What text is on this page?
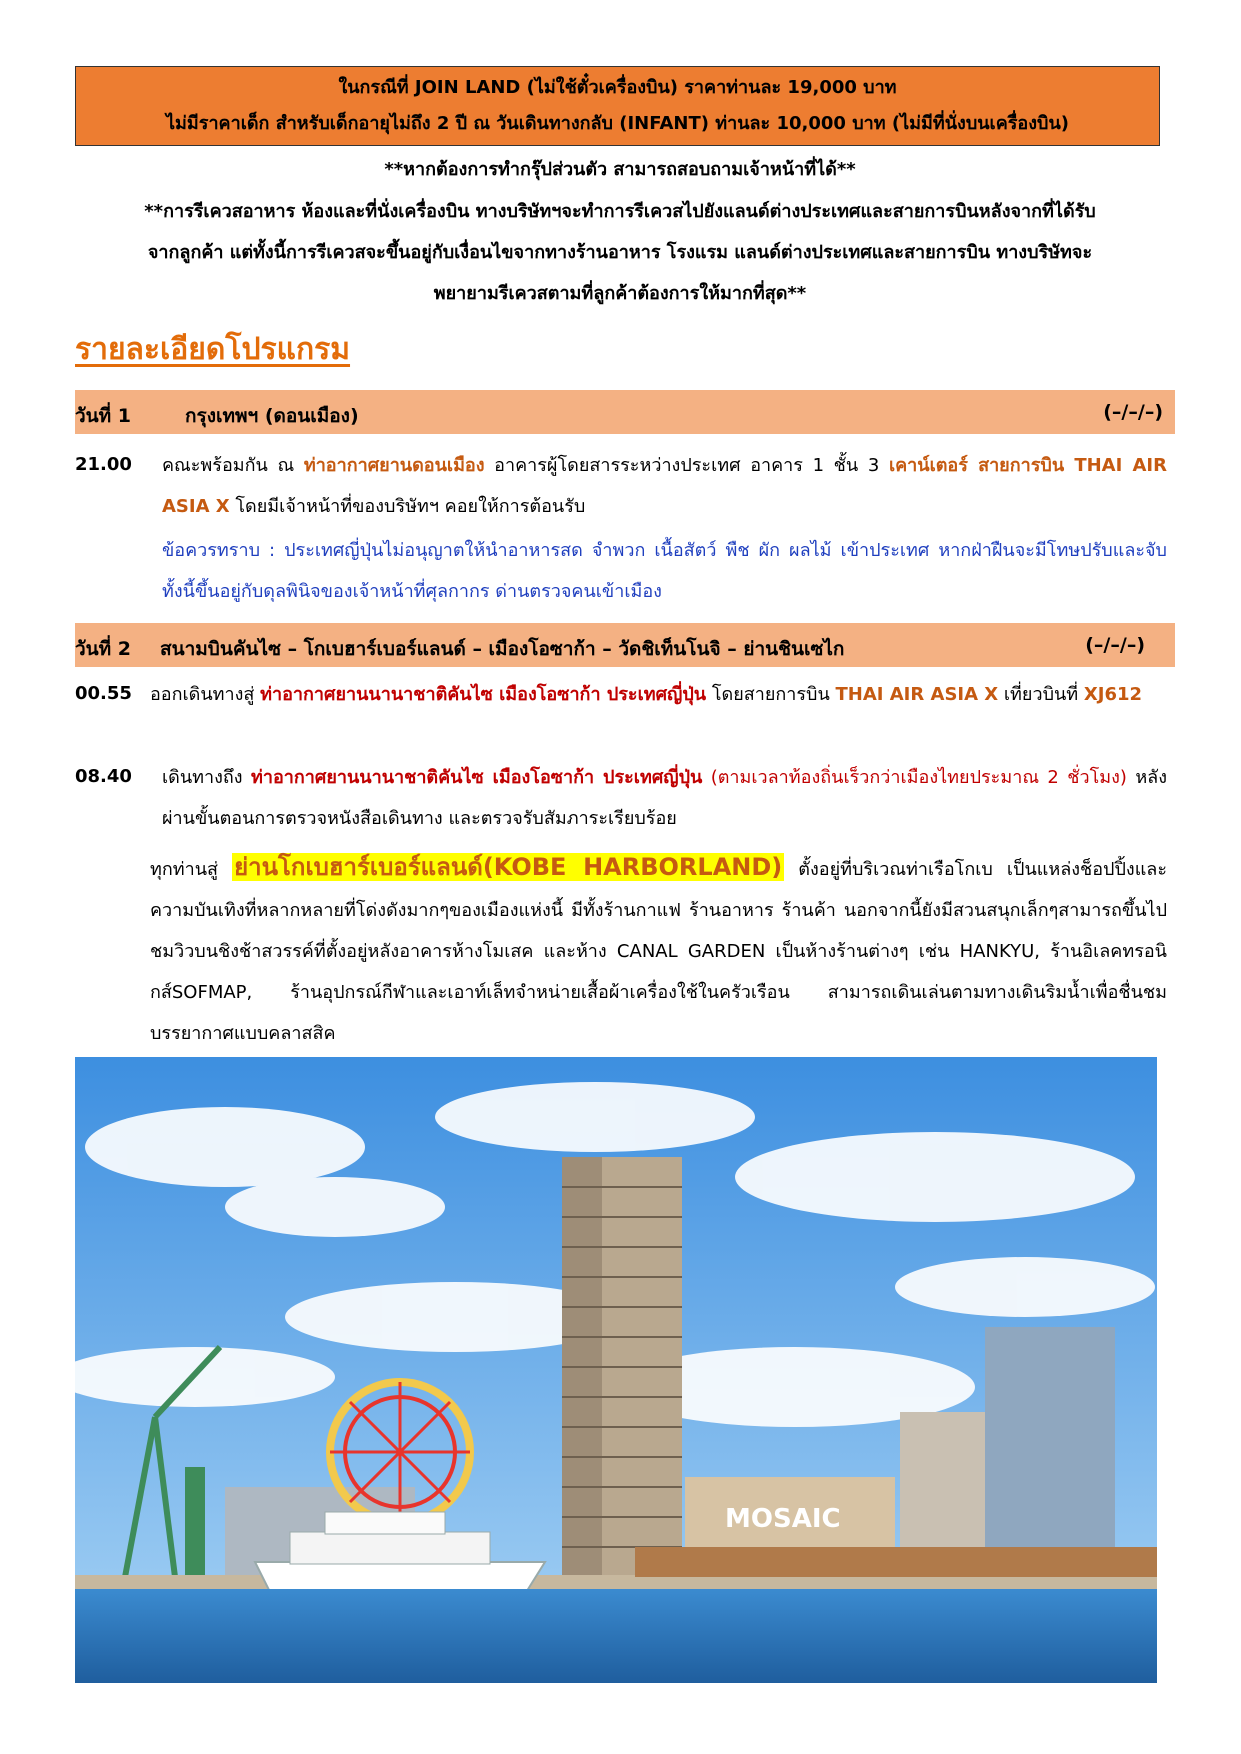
ในกรณีที่ JOIN LAND (ไม่ใช้ตั๋วเครื่องบิน) ราคาท่านละ 19,000 บาท
ไม่มีราคาเด็ก สำหรับเด็กอายุไม่ถึง 2 ปี ณ วันเดินทางกลับ (INFANT) ท่านละ 10,000 บาท (ไม่มีที่นั่งบนเครื่องบิน)
**หากต้องการทำกรุ๊ปส่วนตัว สามารถสอบถามเจ้าหน้าที่ได้**
**การรีเควสอาหาร ห้องและที่นั่งเครื่องบิน ทางบริษัทฯจะทำการรีเควสไปยังแลนด์ต่างประเทศและสายการบินหลังจากที่ได้รับ
จากลูกค้า แต่ทั้งนี้การรีเควสจะขึ้นอยู่กับเงื่อนไขจากทางร้านอาหาร โรงแรม แลนด์ต่างประเทศและสายการบิน ทางบริษัทจะ
พยายามรีเควสตามที่ลูกค้าต้องการให้มากที่สุด**
รายละเอียดโปรแกรม
วันที่ 1	กรุงเทพฯ (ดอนเมือง)	(–/–/–)
21.00 คณะพร้อมกัน ณ ท่าอากาศยานดอนเมือง อาคารผู้โดยสารระหว่างประเทศ อาคาร 1 ชั้น 3 เคาน์เตอร์ สายการบิน THAI AIR ASIA X โดยมีเจ้าหน้าที่ของบริษัทฯ คอยให้การต้อนรับ
ข้อควรทราบ : ประเทศญี่ปุ่นไม่อนุญาตให้นำอาหารสด จำพวก เนื้อสัตว์ พืช ผัก ผลไม้ เข้าประเทศ หากฝ่าฝืนจะมีโทษปรับและจับ ทั้งนี้ขึ้นอยู่กับดุลพินิจของเจ้าหน้าที่ศุลกากร ด่านตรวจคนเข้าเมือง
วันที่ 2 สนามบินคันไซ – โกเบฮาร์เบอร์แลนด์ – เมืองโอซาก้า – วัดชิเท็นโนจิ – ย่านชินเซไก	(–/–/–)
00.55 ออกเดินทางสู่ ท่าอากาศยานนานาชาติคันไซ เมืองโอซาก้า ประเทศญี่ปุ่น โดยสายการบิน THAI AIR ASIA X เที่ยวบินที่ XJ612
08.40 เดินทางถึง ท่าอากาศยานนานาชาติคันไซ เมืองโอซาก้า ประเทศญี่ปุ่น (ตามเวลาท้องถิ่นเร็วกว่าเมืองไทยประมาณ 2 ชั่วโมง) หลังผ่านขั้นตอนการตรวจหนังสือเดินทาง และตรวจรับสัมภาระเรียบร้อย
ทุกท่านสู่ ย่านโกเบฮาร์เบอร์แลนด์(KOBE HARBORLAND) ตั้งอยู่ที่บริเวณท่าเรือโกเบ เป็นแหล่งช็อปปิ้งและความบันเทิงที่หลากหลายที่โด่งดังมากๆของเมืองแห่งนี้ มีทั้งร้านกาแฟ ร้านอาหาร ร้านค้า นอกจากนี้ยังมีสวนสนุกเล็กๆสามารถขึ้นไปชมวิวบนชิงช้าสวรรค์ที่ตั้งอยู่หลังอาคารห้างโมเสค และห้าง CANAL GARDEN เป็นห้างร้านต่างๆ เช่น HANKYU, ร้านอิเลคทรอนิกส์SOFMAP, ร้านอุปกรณ์กีฬาและเอาท์เล็ทจำหน่ายเสื้อผ้าเครื่องใช้ในครัวเรือน สามารถเดินเล่นตามทางเดินริมน้ำเพื่อชื่นชมบรรยากาศแบบคลาสสิค
MOSAIC
